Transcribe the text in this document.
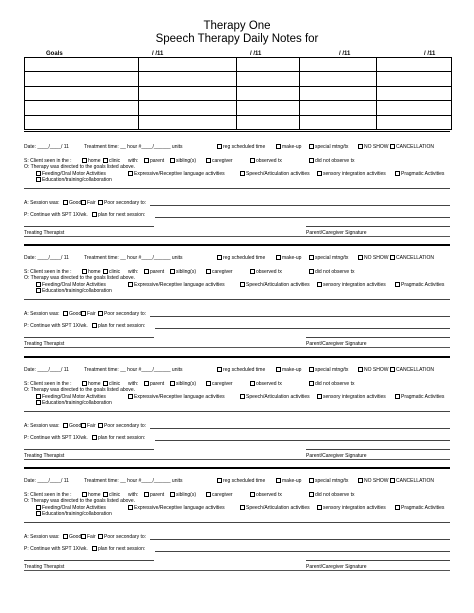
Therapy One
Speech Therapy Daily Notes for
Goals	/ /11	/ /11	/ /11	/ /11

Date: ____/____/ 11	Treatment time: __ hour #____/______ units	reg scheduled time	make-up	special mtng/tx	NO SHOW	CANCELLATION
S: Client seen in the :	home	clinic with:	parent	sibling(s)	caregiver	observed tx	did not observe tx
O: Therapy was directed to the goals listed above.
Feeding/Oral Motor Activities	Expressive/Receptive language activities	Speech/Articulation activities	sensory integration activities	Pragmatic Activities
Education/training/collaboration
A: Session was:	Good	Fair	Poor secondary to:
P: Continue with SPT 1X/wk.	plan for next session:
Treating Therapist	Parent/Caregiver Signature
Date: ____/____/ 11	Treatment time: __ hour #____/______ units	reg scheduled time	make-up	special mtng/tx	NO SHOW	CANCELLATION
S: Client seen in the :	home	clinic with:	parent	sibling(s)	caregiver	observed tx	did not observe tx
O: Therapy was directed to the goals listed above.
Feeding/Oral Motor Activities	Expressive/Receptive language activities	Speech/Articulation activities	sensory integration activities	Pragmatic Activities
Education/training/collaboration
A: Session was:	Good	Fair	Poor secondary to:
P: Continue with SPT 1X/wk.	plan for next session:
Treating Therapist	Parent/Caregiver Signature
Date: ____/____/ 11	Treatment time: __ hour #____/______ units	reg scheduled time	make-up	special mtng/tx	NO SHOW	CANCELLATION
S: Client seen in the :	home	clinic with:	parent	sibling(s)	caregiver	observed tx	did not observe tx
O: Therapy was directed to the goals listed above.
Feeding/Oral Motor Activities	Expressive/Receptive language activities	Speech/Articulation activities	sensory integration activities	Pragmatic Activities
Education/training/collaboration
A: Session was:	Good	Fair	Poor secondary to:
P: Continue with SPT 1X/wk.	plan for next session:
Treating Therapist	Parent/Caregiver Signature
Date: ____/____/ 11	Treatment time: __ hour #____/______ units	reg scheduled time	make-up	special mtng/tx	NO SHOW	CANCELLATION
S: Client seen in the :	home	clinic with:	parent	sibling(s)	caregiver	observed tx	did not observe tx
O: Therapy was directed to the goals listed above.
Feeding/Oral Motor Activities	Expressive/Receptive language activities	Speech/Articulation activities	sensory integration activities	Pragmatic Activities
Education/training/collaboration
A: Session was:	Good	Fair	Poor secondary to:
P: Continue with SPT 1X/wk.	plan for next session:
Treating Therapist	Parent/Caregiver Signature
